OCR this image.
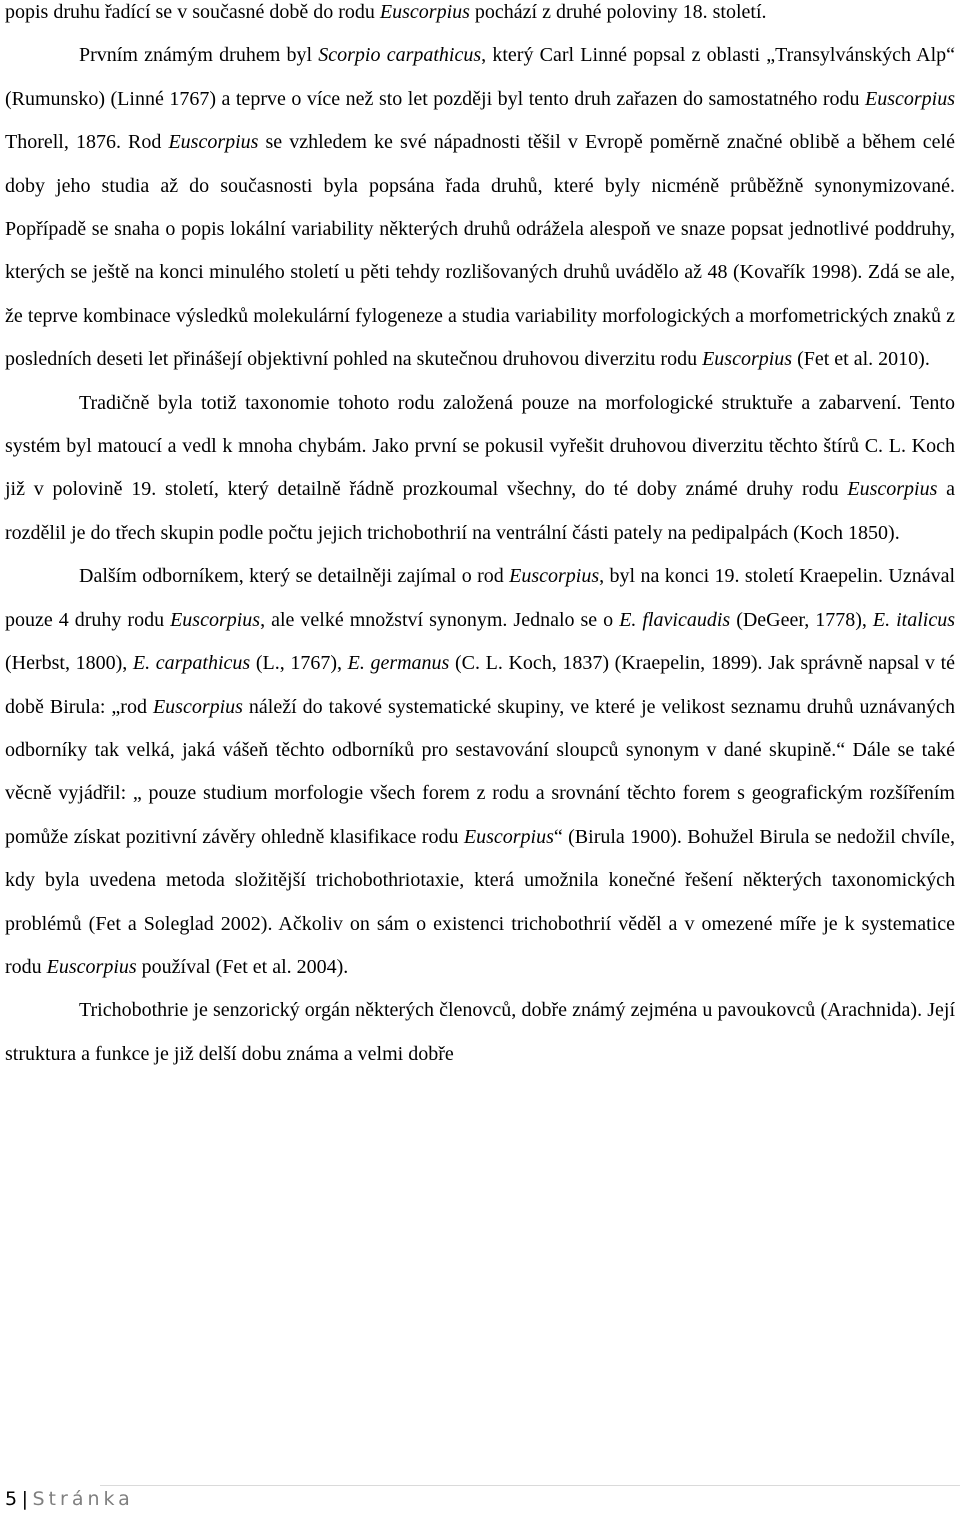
popis druhu řadící se v současné době do rodu Euscorpius pochází z druhé poloviny 18. století.

Prvním známým druhem byl Scorpio carpathicus, který Carl Linné popsal z oblasti „Transylvánských Alp“ (Rumunsko) (Linné 1767) a teprve o více než sto let později byl tento druh zařazen do samostatného rodu Euscorpius Thorell, 1876. Rod Euscorpius se vzhledem ke své nápadnosti těšil v Evropě poměrně značné oblibě a během celé doby jeho studia až do současnosti byla popsána řada druhů, které byly nicméně průběžně synonymizované. Popřípadě se snaha o popis lokální variability některých druhů odrážela alespoň ve snaze popsat jednotlivé poddruhy, kterých se ještě na konci minulého století u pěti tehdy rozlišovaných druhů uvádělo až 48 (Kovařík 1998). Zdá se ale, že teprve kombinace výsledků molekulární fylogeneze a studia variability morfologických a morfometrických znaků z posledních deseti let přinášejí objektivní pohled na skutečnou druhovou diverzitu rodu Euscorpius (Fet et al. 2010).

Tradičně byla totiž taxonomie tohoto rodu založená pouze na morfologické struktuře a zabarvení. Tento systém byl matoucí a vedl k mnoha chybám. Jako první se pokusil vyřešit druhovou diverzitu těchto štírů C. L. Koch již v polovině 19. století, který detailně řádně prozkoumal všechny, do té doby známé druhy rodu Euscorpius a rozdělil je do třech skupin podle počtu jejich trichobothrií na ventrální části pately na pedipalpách (Koch 1850).

Dalším odborníkem, který se detailněji zajímal o rod Euscorpius, byl na konci 19. století Kraepelin. Uznával pouze 4 druhy rodu Euscorpius, ale velké množství synonym. Jednalo se o E. flavicaudis (DeGeer, 1778), E. italicus (Herbst, 1800), E. carpathicus (L., 1767), E. germanus (C. L. Koch, 1837) (Kraepelin, 1899). Jak správně napsal v té době Birula: „rod Euscorpius náleží do takové systematické skupiny, ve které je velikost seznamu druhů uznávaných odborníky tak velká, jaká vášeň těchto odborníků pro sestavování sloupců synonym v dané skupině.“ Dále se také věcně vyjádřil: „ pouze studium morfologie všech forem z rodu a srovnání těchto forem s geografickým rozšířením pomůže získat pozitivní závěry ohledně klasifikace rodu Euscorpius“ (Birula 1900). Bohužel Birula se nedožil chvíle, kdy byla uvedena metoda složitější trichobothriotaxie, která umožnila konečné řešení některých taxonomických problémů (Fet a Soleglad 2002). Ačkoliv on sám o existenci trichobothrií věděl a v omezené míře je k systematice rodu Euscorpius používal (Fet et al. 2004).

Trichobothrie je senzorický orgán některých členovců, dobře známý zejména u pavoukovců (Arachnida). Její struktura a funkce je již delší dobu známa a velmi dobře

5 | Stránka
